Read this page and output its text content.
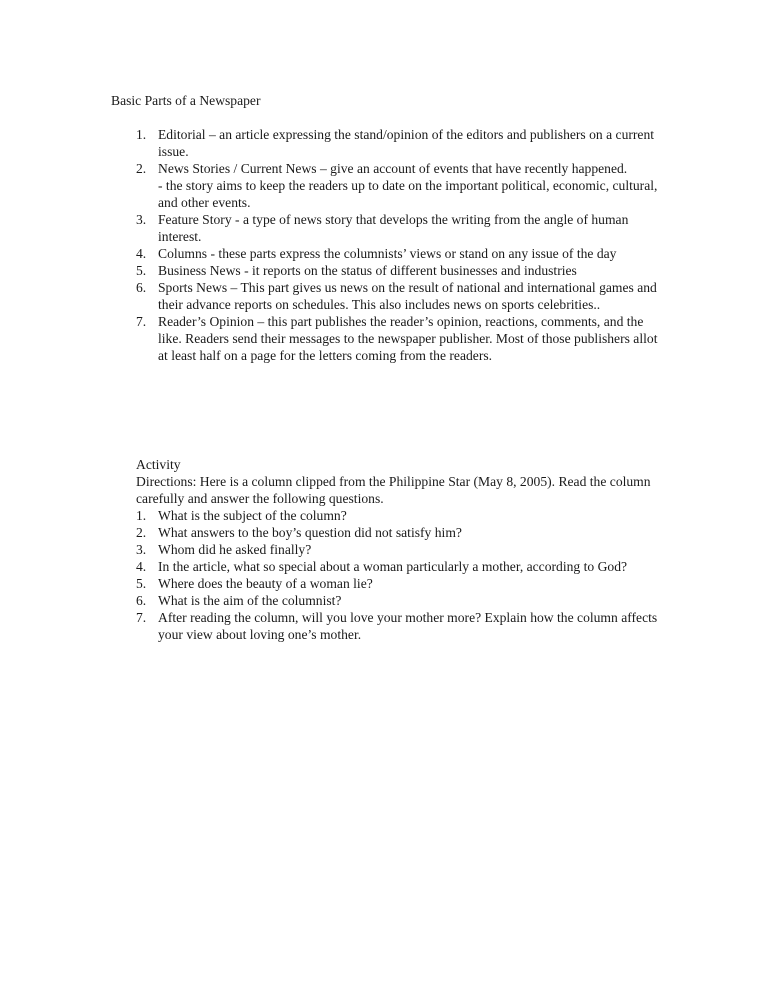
Basic Parts of a Newspaper
1. Editorial – an article expressing the stand/opinion of the editors and publishers on a current issue.
2. News Stories / Current News – give an account of events that have recently happened.
- the story aims to keep the readers up to date on the important political, economic, cultural, and other events.
3. Feature Story - a type of news story that develops the writing from the angle of human interest.
4. Columns - these parts express the columnists’ views or stand on any issue of the day
5. Business News - it reports on the status of different businesses and industries
6. Sports News – This part gives us news on the result of national and international games and their advance reports on schedules. This also includes news on sports celebrities..
7. Reader’s Opinion – this part publishes the reader’s opinion, reactions, comments, and the like. Readers send their messages to the newspaper publisher. Most of those publishers allot at least half on a page for the letters coming from the readers.

Activity

Directions: Here is a column clipped from the Philippine Star (May 8, 2005). Read the column carefully and answer the following questions.

1. What is the subject of the column?
2. What answers to the boy’s question did not satisfy him?
3. Whom did he asked finally?
4. In the article, what so special about a woman particularly a mother, according to God?
5. Where does the beauty of a woman lie?
6. What is the aim of the columnist?
7. After reading the column, will you love your mother more? Explain how the column affects your view about loving one’s mother.
